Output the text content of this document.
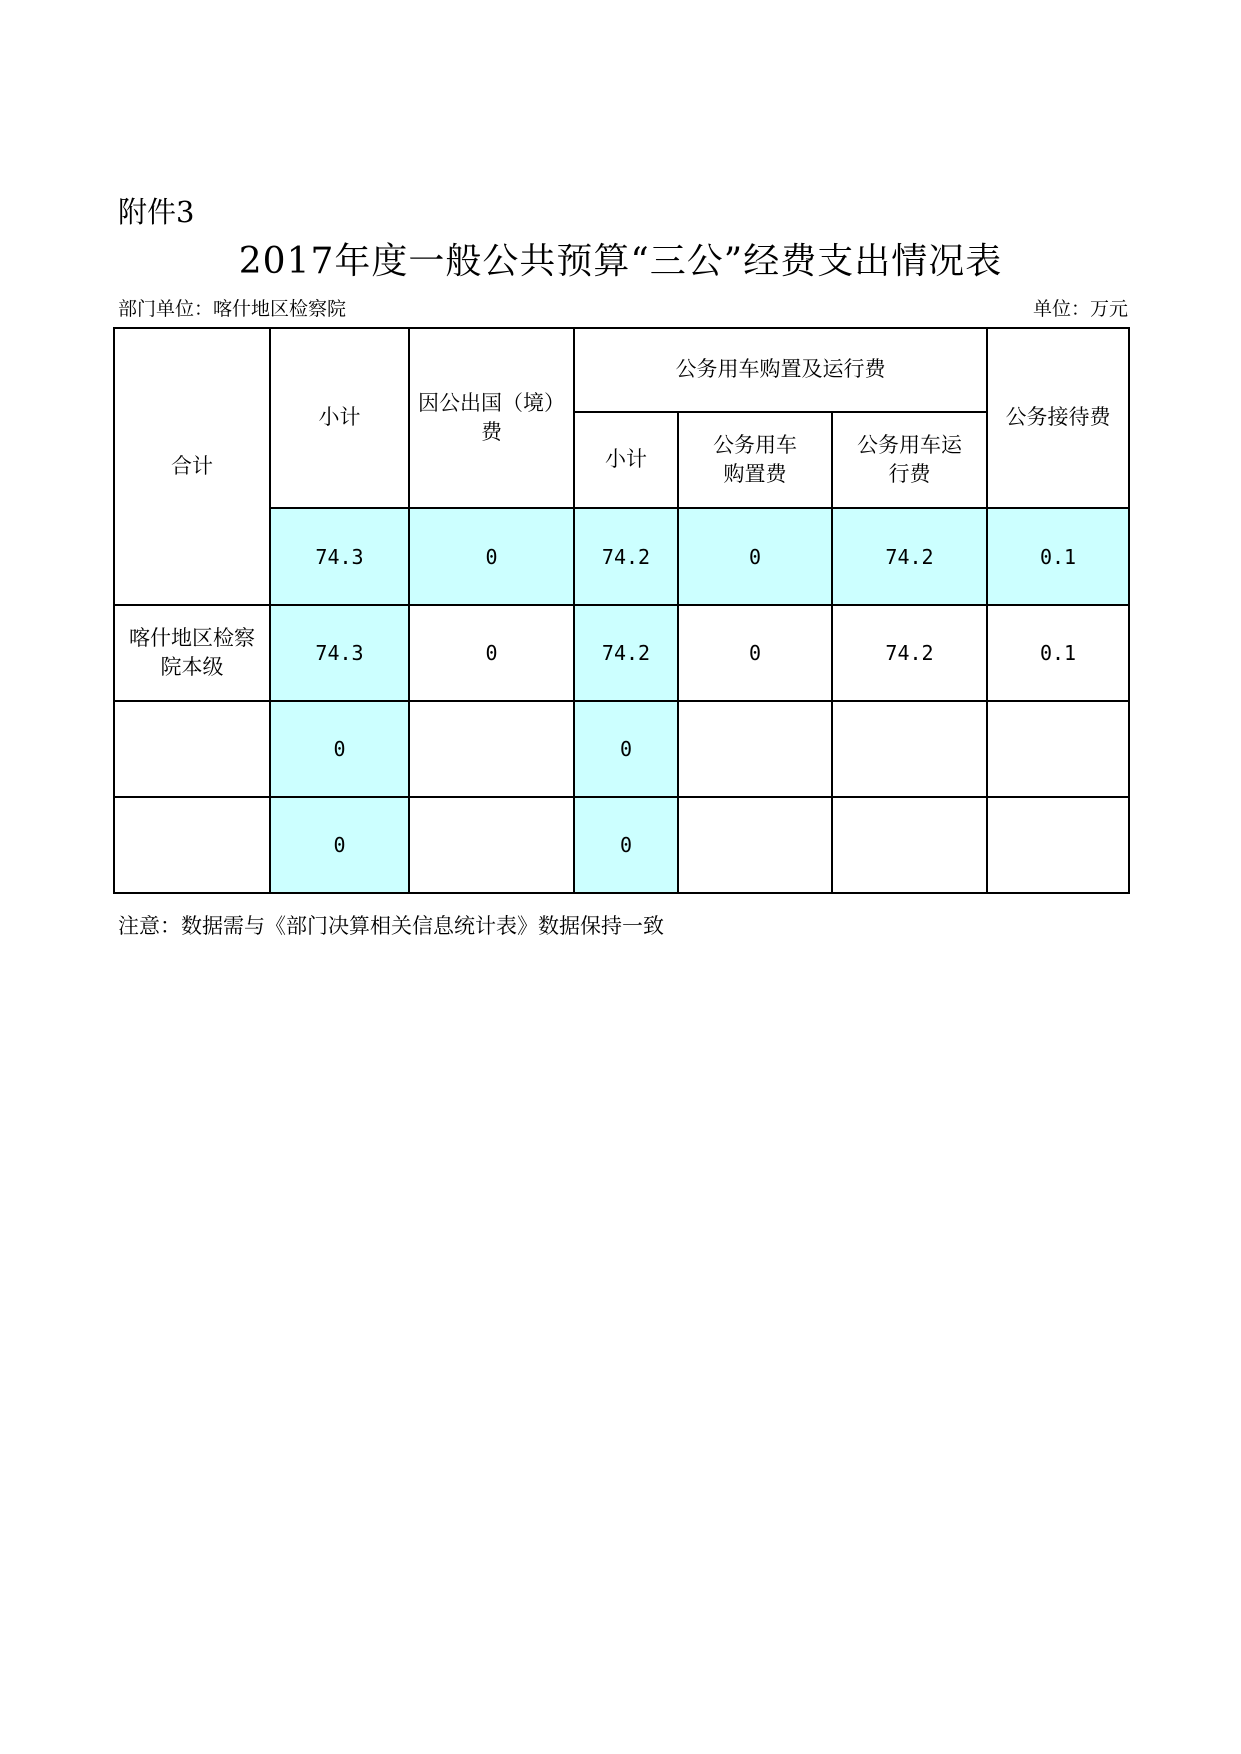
附件3
2017年度一般公共预算“三公”经费支出情况表
部门单位：喀什地区检察院	单位：万元
合计	小计	因公出国（境）费	公务用车购置及运行费			公务接待费
			小计	公务用车购置费	公务用车运行费	
	74.3	0	74.2	0	74.2	0.1
喀什地区检察院本级	74.3	0	74.2	0	74.2	0.1
	0		0			
	0		0			
注意：数据需与《部门决算相关信息统计表》数据保持一致
